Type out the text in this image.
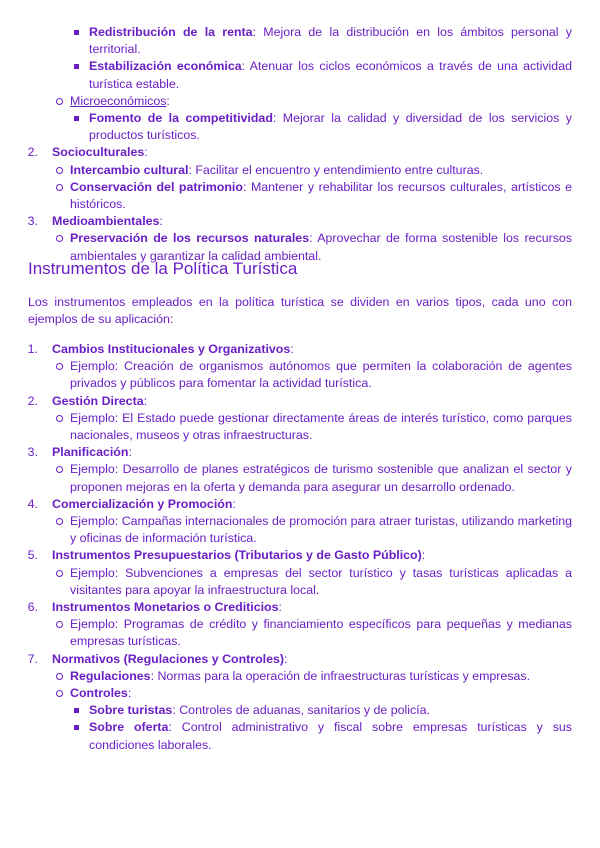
Redistribución de la renta: Mejora de la distribución en los ámbitos personal y territorial.
Estabilización económica: Atenuar los ciclos económicos a través de una actividad turística estable.
Microeconómicos:
Fomento de la competitividad: Mejorar la calidad y diversidad de los servicios y productos turísticos.
2. Socioculturales:
Intercambio cultural: Facilitar el encuentro y entendimiento entre culturas.
Conservación del patrimonio: Mantener y rehabilitar los recursos culturales, artísticos e históricos.
3. Medioambientales:
Preservación de los recursos naturales: Aprovechar de forma sostenible los recursos ambientales y garantizar la calidad ambiental.
Instrumentos de la Política Turística
Los instrumentos empleados en la política turística se dividen en varios tipos, cada uno con ejemplos de su aplicación:
1. Cambios Institucionales y Organizativos:
Ejemplo: Creación de organismos autónomos que permiten la colaboración de agentes privados y públicos para fomentar la actividad turística.
2. Gestión Directa:
Ejemplo: El Estado puede gestionar directamente áreas de interés turístico, como parques nacionales, museos y otras infraestructuras.
3. Planificación:
Ejemplo: Desarrollo de planes estratégicos de turismo sostenible que analizan el sector y proponen mejoras en la oferta y demanda para asegurar un desarrollo ordenado.
4. Comercialización y Promoción:
Ejemplo: Campañas internacionales de promoción para atraer turistas, utilizando marketing y oficinas de información turística.
5. Instrumentos Presupuestarios (Tributarios y de Gasto Público):
Ejemplo: Subvenciones a empresas del sector turístico y tasas turísticas aplicadas a visitantes para apoyar la infraestructura local.
6. Instrumentos Monetarios o Crediticios:
Ejemplo: Programas de crédito y financiamiento específicos para pequeñas y medianas empresas turísticas.
7. Normativos (Regulaciones y Controles):
Regulaciones: Normas para la operación de infraestructuras turísticas y empresas.
Controles:
Sobre turistas: Controles de aduanas, sanitarios y de policía.
Sobre oferta: Control administrativo y fiscal sobre empresas turísticas y sus condiciones laborales.
